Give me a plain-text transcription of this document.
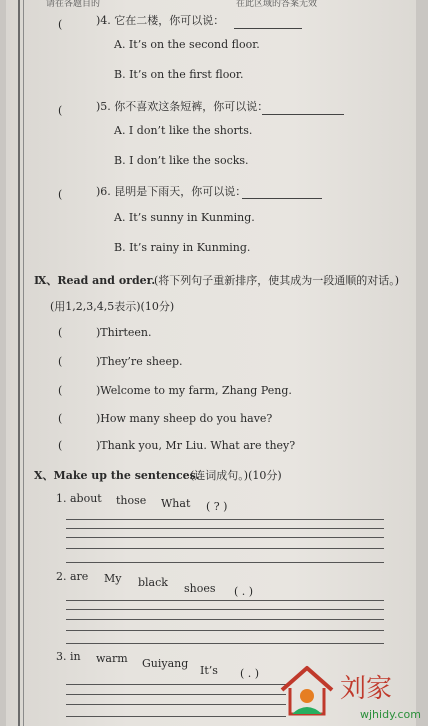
请在各题目的	在此区域的答案无效
(	)4. 它在二楼，你可以说：
A. It’s on the second floor.
B. It’s on the first floor.
(	)5. 你不喜欢这条短裤，你可以说：
A. I don’t like the shorts.
B. I don’t like the socks.
(	)6. 昆明是下雨天，你可以说：
A. It’s sunny in Kunming.
B. It’s rainy in Kunming.
Ⅸ、Read and order.
(将下列句子重新排序，使其成为一段通顺的对话。)
(用1,2,3,4,5表示)(10分)
(	)Thirteen.
(	)They’re sheep.
(	)Welcome to my farm, Zhang Peng.
(	)How many sheep do you have?
(	)Thank you, Mr Liu. What are they?
Ⅹ、Make up the sentences.
(连词成句。)(10分)
1. about those What ( ? )
2. are My black shoes ( . )
3. in warm Guiyang
It’s ( . )
刘家
wjhidy.com
